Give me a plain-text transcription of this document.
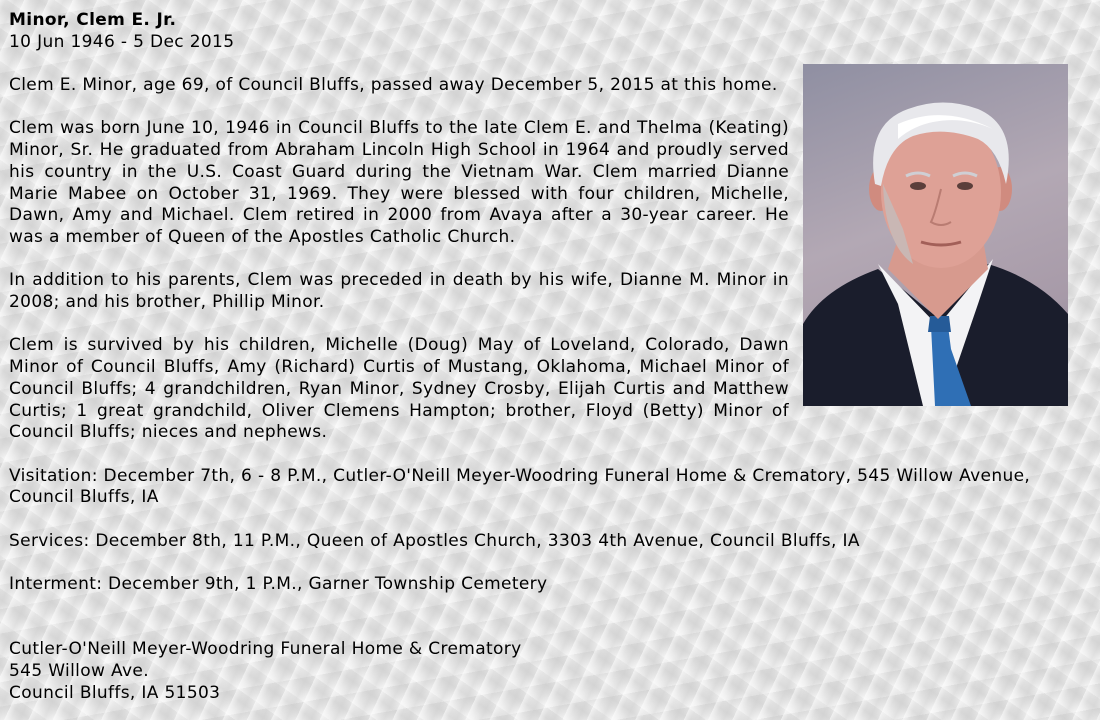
Minor, Clem E. Jr.
10 Jun 1946 - 5 Dec 2015
Clem E. Minor, age 69, of Council Bluffs, passed away December 5, 2015 at this home.
Clem was born June 10, 1946 in Council Bluffs to the late Clem E. and Thelma (Keating) Minor, Sr. He graduated from Abraham Lincoln High School in 1964 and proudly served his country in the U.S. Coast Guard during the Vietnam War. Clem married Dianne Marie Mabee on October 31, 1969. They were blessed with four children, Michelle, Dawn, Amy and Michael. Clem retired in 2000 from Avaya after a 30-year career. He was a member of Queen of the Apostles Catholic Church.
In addition to his parents, Clem was preceded in death by his wife, Dianne M. Minor in 2008; and his brother, Phillip Minor.
Clem is survived by his children, Michelle (Doug) May of Loveland, Colorado, Dawn Minor of Council Bluffs, Amy (Richard) Curtis of Mustang, Oklahoma, Michael Minor of Council Bluffs; 4 grandchildren, Ryan Minor, Sydney Crosby, Elijah Curtis and Matthew Curtis; 1 great grandchild, Oliver Clemens Hampton; brother, Floyd (Betty) Minor of Council Bluffs; nieces and nephews.
Visitation: December 7th, 6 - 8 P.M., Cutler-O'Neill Meyer-Woodring Funeral Home & Crematory, 545 Willow Avenue, Council Bluffs, IA
Services: December 8th, 11 P.M., Queen of Apostles Church, 3303 4th Avenue, Council Bluffs, IA
Interment: December 9th, 1 P.M., Garner Township Cemetery
Cutler-O'Neill Meyer-Woodring Funeral Home & Crematory
545 Willow Ave.
Council Bluffs, IA 51503
